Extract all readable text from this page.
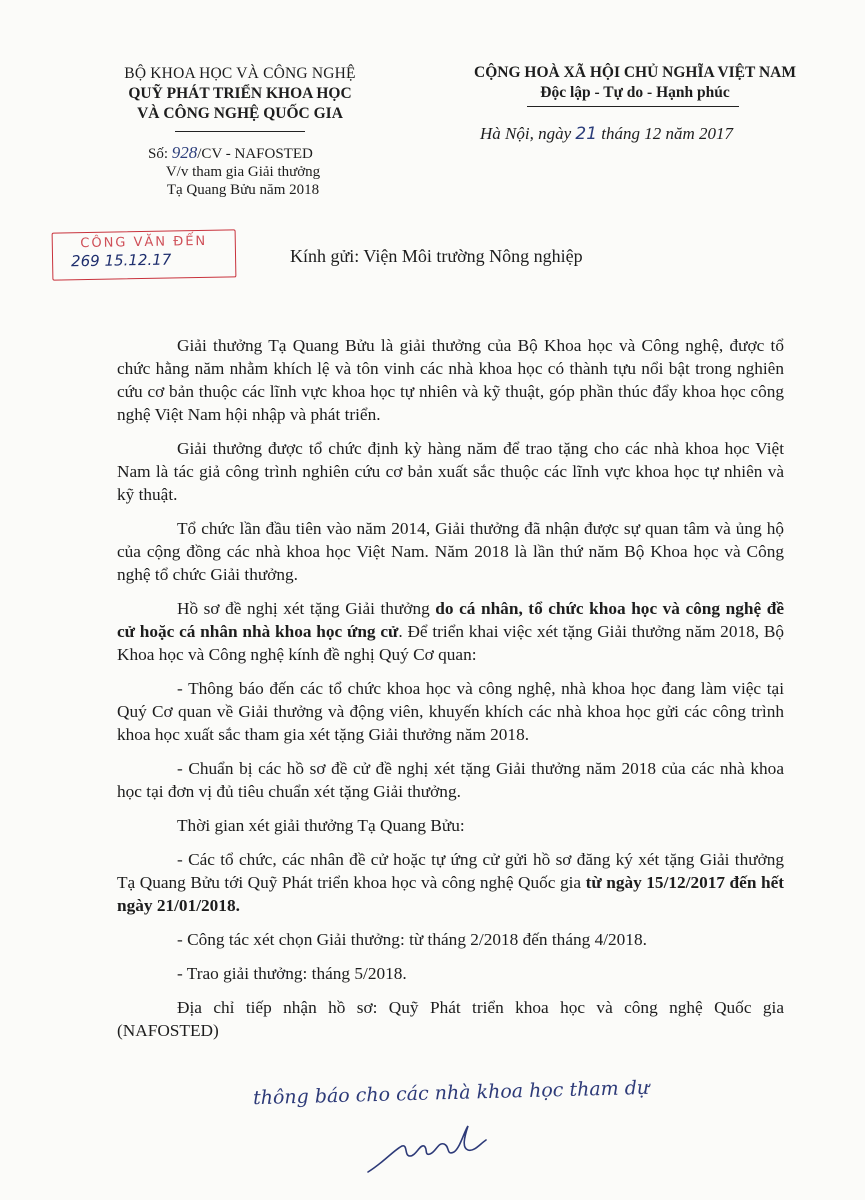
BỘ KHOA HỌC VÀ CÔNG NGHỆ
QUỸ PHÁT TRIỂN KHOA HỌC
VÀ CÔNG NGHỆ QUỐC GIA
CỘNG HOÀ XÃ HỘI CHỦ NGHĨA VIỆT NAM
Độc lập - Tự do - Hạnh phúc
Hà Nội, ngày 21 tháng 12 năm 2017
Số: 928/CV - NAFOSTED
V/v tham gia Giải thưởng
Tạ Quang Bửu năm 2018
CÔNG VĂN ĐẾN
269 15.12.17	Kính gửi: Viện Môi trường Nông nghiệp

Giải thưởng Tạ Quang Bửu là giải thưởng của Bộ Khoa học và Công nghệ, được tổ chức hằng năm nhằm khích lệ và tôn vinh các nhà khoa học có thành tựu nổi bật trong nghiên cứu cơ bản thuộc các lĩnh vực khoa học tự nhiên và kỹ thuật, góp phần thúc đẩy khoa học công nghệ Việt Nam hội nhập và phát triển.

Giải thưởng được tổ chức định kỳ hàng năm để trao tặng cho các nhà khoa học Việt Nam là tác giả công trình nghiên cứu cơ bản xuất sắc thuộc các lĩnh vực khoa học tự nhiên và kỹ thuật.

Tổ chức lần đầu tiên vào năm 2014, Giải thưởng đã nhận được sự quan tâm và ủng hộ của cộng đồng các nhà khoa học Việt Nam. Năm 2018 là lần thứ năm Bộ Khoa học và Công nghệ tổ chức Giải thưởng.

Hồ sơ đề nghị xét tặng Giải thưởng do cá nhân, tổ chức khoa học và công nghệ đề cử hoặc cá nhân nhà khoa học ứng cử. Để triển khai việc xét tặng Giải thưởng năm 2018, Bộ Khoa học và Công nghệ kính đề nghị Quý Cơ quan:

- Thông báo đến các tổ chức khoa học và công nghệ, nhà khoa học đang làm việc tại Quý Cơ quan về Giải thưởng và động viên, khuyến khích các nhà khoa học gửi các công trình khoa học xuất sắc tham gia xét tặng Giải thưởng năm 2018.

- Chuẩn bị các hồ sơ đề cử đề nghị xét tặng Giải thưởng năm 2018 của các nhà khoa học tại đơn vị đủ tiêu chuẩn xét tặng Giải thưởng.

Thời gian xét giải thưởng Tạ Quang Bửu:

- Các tổ chức, các nhân đề cử hoặc tự ứng cử gửi hồ sơ đăng ký xét tặng Giải thưởng Tạ Quang Bửu tới Quỹ Phát triển khoa học và công nghệ Quốc gia từ ngày 15/12/2017 đến hết ngày 21/01/2018.

- Công tác xét chọn Giải thưởng: từ tháng 2/2018 đến tháng 4/2018.

- Trao giải thưởng: tháng 5/2018.

Địa chỉ tiếp nhận hồ sơ: Quỹ Phát triển khoa học và công nghệ Quốc gia (NAFOSTED)

thông báo cho các nhà khoa học tham dự
